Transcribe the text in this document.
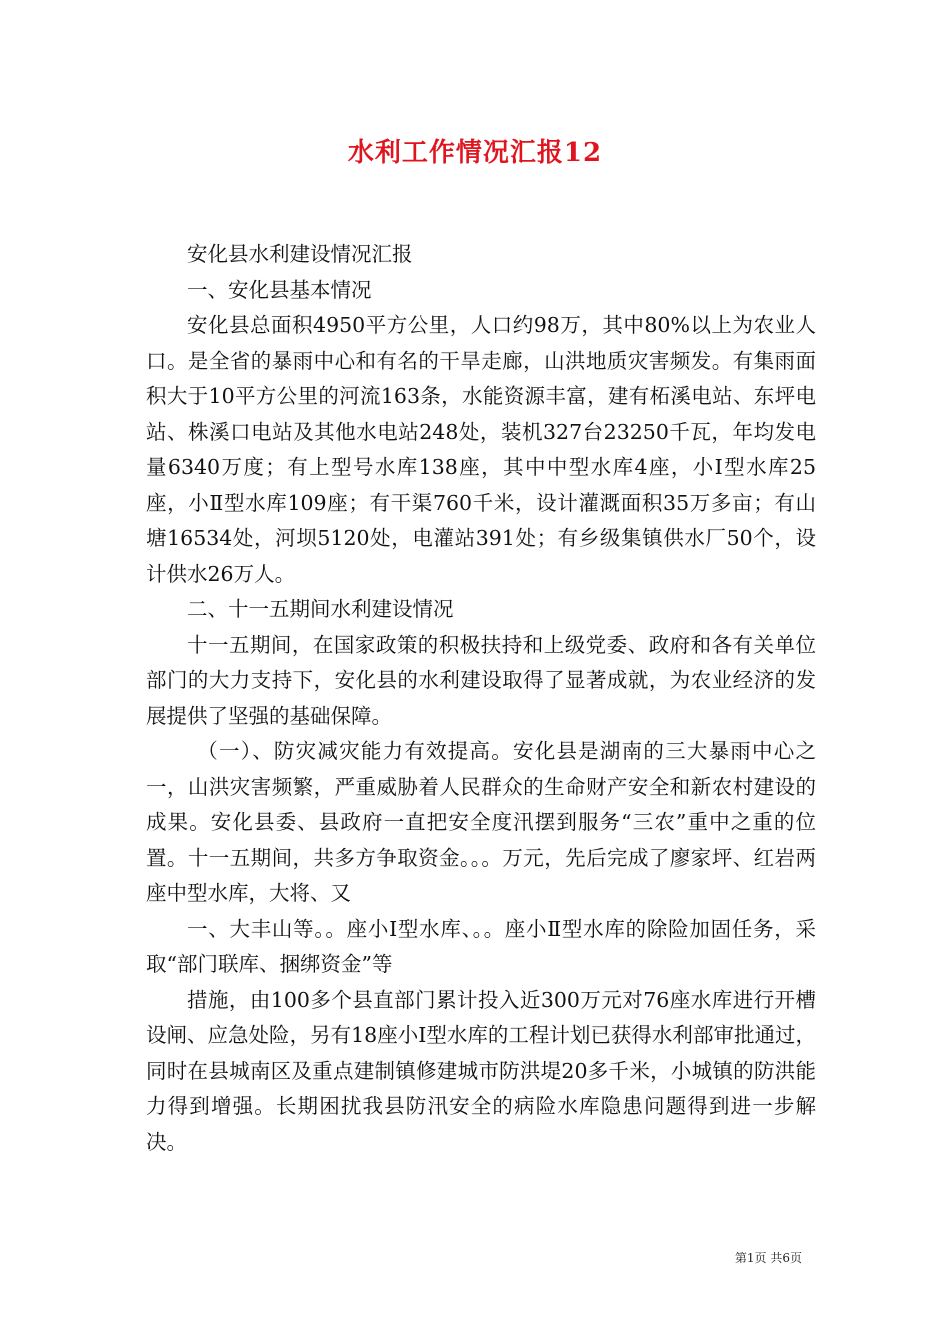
水利工作情况汇报12

安化县水利建设情况汇报

一、安化县基本情况

安化县总面积4950平方公里，人口约98万，其中80%以上为农业人口。是全省的暴雨中心和有名的干旱走廊，山洪地质灾害频发。有集雨面积大于10平方公里的河流163条，水能资源丰富，建有柘溪电站、东坪电站、株溪口电站及其他水电站248处，装机327台23250千瓦，年均发电量6340万度；有上型号水库138座，其中中型水库4座，小Ⅰ型水库25座，小Ⅱ型水库109座；有干渠760千米，设计灌溉面积35万多亩；有山塘16534处，河坝5120处，电灌站391处；有乡级集镇供水厂50个，设计供水26万人。

二、十一五期间水利建设情况

十一五期间，在国家政策的积极扶持和上级党委、政府和各有关单位部门的大力支持下，安化县的水利建设取得了显著成就，为农业经济的发展提供了坚强的基础保障。

（一）、防灾减灾能力有效提高。安化县是湖南的三大暴雨中心之一，山洪灾害频繁，严重威胁着人民群众的生命财产安全和新农村建设的成果。安化县委、县政府一直把安全度汛摆到服务“三农”重中之重的位置。十一五期间，共多方争取资金。。。万元，先后完成了廖家坪、红岩两座中型水库，大将、又

一、大丰山等。。座小Ⅰ型水库、。。座小Ⅱ型水库的除险加固任务，采取“部门联库、捆绑资金”等

措施，由100多个县直部门累计投入近300万元对76座水库进行开槽设闸、应急处险，另有18座小Ⅰ型水库的工程计划已获得水利部审批通过，同时在县城南区及重点建制镇修建城市防洪堤20多千米，小城镇的防洪能力得到增强。长期困扰我县防汛安全的病险水库隐患问题得到进一步解决。

第1页 共6页
